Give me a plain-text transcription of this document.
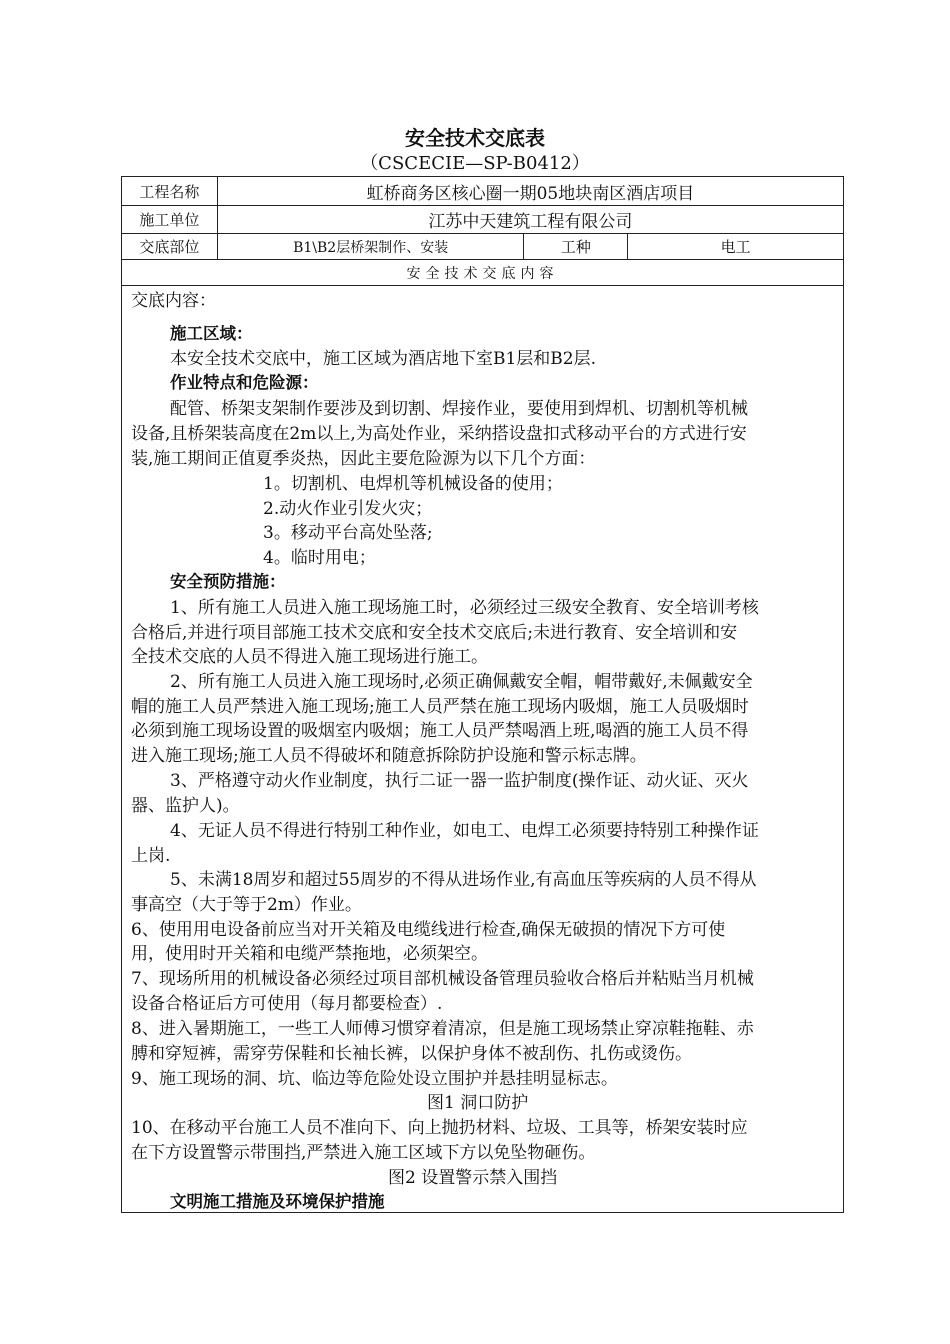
安全技术交底表
（CSCECIE—SP-B0412）
工程名称	虹桥商务区核心圈一期05地块南区酒店项目		
施工单位	江苏中天建筑工程有限公司		
交底部位	B1\B2层桥架制作、安装	工种	电工
安全技术交底内容			
交底内容：
施工区域：
本安全技术交底中，施工区域为酒店地下室B1层和B2层.
作业特点和危险源：
配管、桥架支架制作要涉及到切割、焊接作业，要使用到焊机、切割机等机械
设备,且桥架装高度在2m以上,为高处作业，采纳搭设盘扣式移动平台的方式进行安
装,施工期间正值夏季炎热，因此主要危险源为以下几个方面：
1。切割机、电焊机等机械设备的使用；
2.动火作业引发火灾；
3。移动平台高处坠落;
4。临时用电；
安全预防措施：
1、所有施工人员进入施工现场施工时，必须经过三级安全教育、安全培训考核
合格后,并进行项目部施工技术交底和安全技术交底后;未进行教育、安全培训和安
全技术交底的人员不得进入施工现场进行施工。
2、所有施工人员进入施工现场时,必须正确佩戴安全帽，帽带戴好,未佩戴安全
帽的施工人员严禁进入施工现场;施工人员严禁在施工现场内吸烟，施工人员吸烟时
必须到施工现场设置的吸烟室内吸烟；施工人员严禁喝酒上班,喝酒的施工人员不得
进入施工现场;施工人员不得破坏和随意拆除防护设施和警示标志牌。
3、严格遵守动火作业制度，执行二证一器一监护制度(操作证、动火证、灭火
器、监护人)。
4、无证人员不得进行特别工种作业，如电工、电焊工必须要持特别工种操作证
上岗.
5、未满18周岁和超过55周岁的不得从进场作业,有高血压等疾病的人员不得从
事高空（大于等于2m）作业。
6、使用用电设备前应当对开关箱及电缆线进行检查,确保无破损的情况下方可使
用，使用时开关箱和电缆严禁拖地，必须架空。
7、现场所用的机械设备必须经过项目部机械设备管理员验收合格后并粘贴当月机械
设备合格证后方可使用（每月都要检查）.
8、进入暑期施工，一些工人师傅习惯穿着清凉，但是施工现场禁止穿凉鞋拖鞋、赤
膊和穿短裤，需穿劳保鞋和长袖长裤，以保护身体不被刮伤、扎伤或烫伤。
9、施工现场的洞、坑、临边等危险处设立围护并悬挂明显标志。
图1 洞口防护
10、在移动平台施工人员不准向下、向上抛扔材料、垃圾、工具等，桥架安装时应
在下方设置警示带围挡,严禁进入施工区域下方以免坠物砸伤。
图2 设置警示禁入围挡
文明施工措施及环境保护措施
